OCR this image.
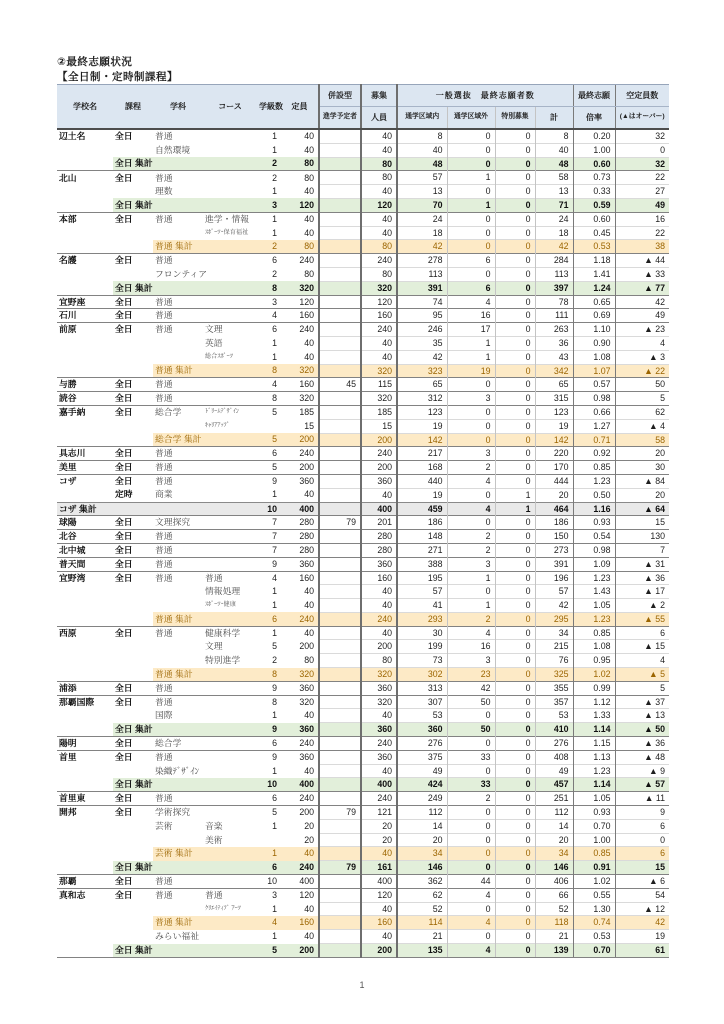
②最終志願状況
【全日制・定時制課程】
学校名	課程	学科	コース	学級数	定員	併設型	募集	一般選抜　最終志願者数				最終志願	空定員数
						進学予定者	人員	通学区域内	通学区域外	特別募集	計	倍率	(▲はオーバー)
辺土名	全日	普通		1	40		40	8	0	0	8	0.20	32
		自然環境		1	40		40	40	0	0	40	1.00	0
	全日 集計			2	80		80	48	0	0	48	0.60	32
北山	全日	普通		2	80		80	57	1	0	58	0.73	22
		理数		1	40		40	13	0	0	13	0.33	27
	全日 集計			3	120		120	70	1	0	71	0.59	49
本部	全日	普通	進学・情報	1	40		40	24	0	0	24	0.60	16
			ｽﾎﾟｰﾂ･保育福祉	1	40		40	18	0	0	18	0.45	22
		普通 集計		2	80		80	42	0	0	42	0.53	38
名護	全日	普通		6	240		240	278	6	0	284	1.18	▲ 44
		フロンティア		2	80		80	113	0	0	113	1.41	▲ 33
	全日 集計			8	320		320	391	6	0	397	1.24	▲ 77
宜野座	全日	普通		3	120		120	74	4	0	78	0.65	42
石川	全日	普通		4	160		160	95	16	0	111	0.69	49
前原	全日	普通	文理	6	240		240	246	17	0	263	1.10	▲ 23
			英語	1	40		40	35	1	0	36	0.90	4
			総合ｽﾎﾟｰﾂ	1	40		40	42	1	0	43	1.08	▲ 3
		普通 集計		8	320		320	323	19	0	342	1.07	▲ 22
与勝	全日	普通		4	160	45	115	65	0	0	65	0.57	50
読谷	全日	普通		8	320		320	312	3	0	315	0.98	5
嘉手納	全日	総合学	ﾄﾞﾘｰﾑﾃﾞｻﾞｲﾝ	5	185		185	123	0	0	123	0.66	62
			ｷｬﾘｱｱｯﾌﾟ		15		15	19	0	0	19	1.27	▲ 4
		総合学 集計		5	200		200	142	0	0	142	0.71	58
具志川	全日	普通		6	240		240	217	3	0	220	0.92	20
美里	全日	普通		5	200		200	168	2	0	170	0.85	30
コザ	全日	普通		9	360		360	440	4	0	444	1.23	▲ 84
	定時	商業		1	40		40	19	0	1	20	0.50	20
コザ 集計				10	400		400	459	4	1	464	1.16	▲ 64
球陽	全日	文理探究		7	280	79	201	186	0	0	186	0.93	15
北谷	全日	普通		7	280		280	148	2	0	150	0.54	130
北中城	全日	普通		7	280		280	271	2	0	273	0.98	7
普天間	全日	普通		9	360		360	388	3	0	391	1.09	▲ 31
宜野湾	全日	普通	普通	4	160		160	195	1	0	196	1.23	▲ 36
			情報処理	1	40		40	57	0	0	57	1.43	▲ 17
			ｽﾎﾟｰﾂ･健康	1	40		40	41	1	0	42	1.05	▲ 2
		普通 集計		6	240		240	293	2	0	295	1.23	▲ 55
西原	全日	普通	健康科学	1	40		40	30	4	0	34	0.85	6
			文理	5	200		200	199	16	0	215	1.08	▲ 15
			特別進学	2	80		80	73	3	0	76	0.95	4
		普通 集計		8	320		320	302	23	0	325	1.02	▲ 5
浦添	全日	普通		9	360		360	313	42	0	355	0.99	5
那覇国際	全日	普通		8	320		320	307	50	0	357	1.12	▲ 37
		国際		1	40		40	53	0	0	53	1.33	▲ 13
	全日 集計			9	360		360	360	50	0	410	1.14	▲ 50
陽明	全日	総合学		6	240		240	276	0	0	276	1.15	▲ 36
首里	全日	普通		9	360		360	375	33	0	408	1.13	▲ 48
		染織ﾃﾞｻﾞｲﾝ		1	40		40	49	0	0	49	1.23	▲ 9
	全日 集計			10	400		400	424	33	0	457	1.14	▲ 57
首里東	全日	普通		6	240		240	249	2	0	251	1.05	▲ 11
開邦	全日	学術探究		5	200	79	121	112	0	0	112	0.93	9
		芸術	音楽	1	20		20	14	0	0	14	0.70	6
			美術		20		20	20	0	0	20	1.00	0
		芸術 集計		1	40		40	34	0	0	34	0.85	6
	全日 集計			6	240	79	161	146	0	0	146	0.91	15
那覇	全日	普通		10	400		400	362	44	0	406	1.02	▲ 6
真和志	全日	普通	普通	3	120		120	62	4	0	66	0.55	54
			ｸﾘｴｲﾃｨﾌﾞ ｱｰﾂ	1	40		40	52	0	0	52	1.30	▲ 12
		普通 集計		4	160		160	114	4	0	118	0.74	42
		みらい福祉		1	40		40	21	0	0	21	0.53	19
	全日 集計			5	200		200	135	4	0	139	0.70	61
1
